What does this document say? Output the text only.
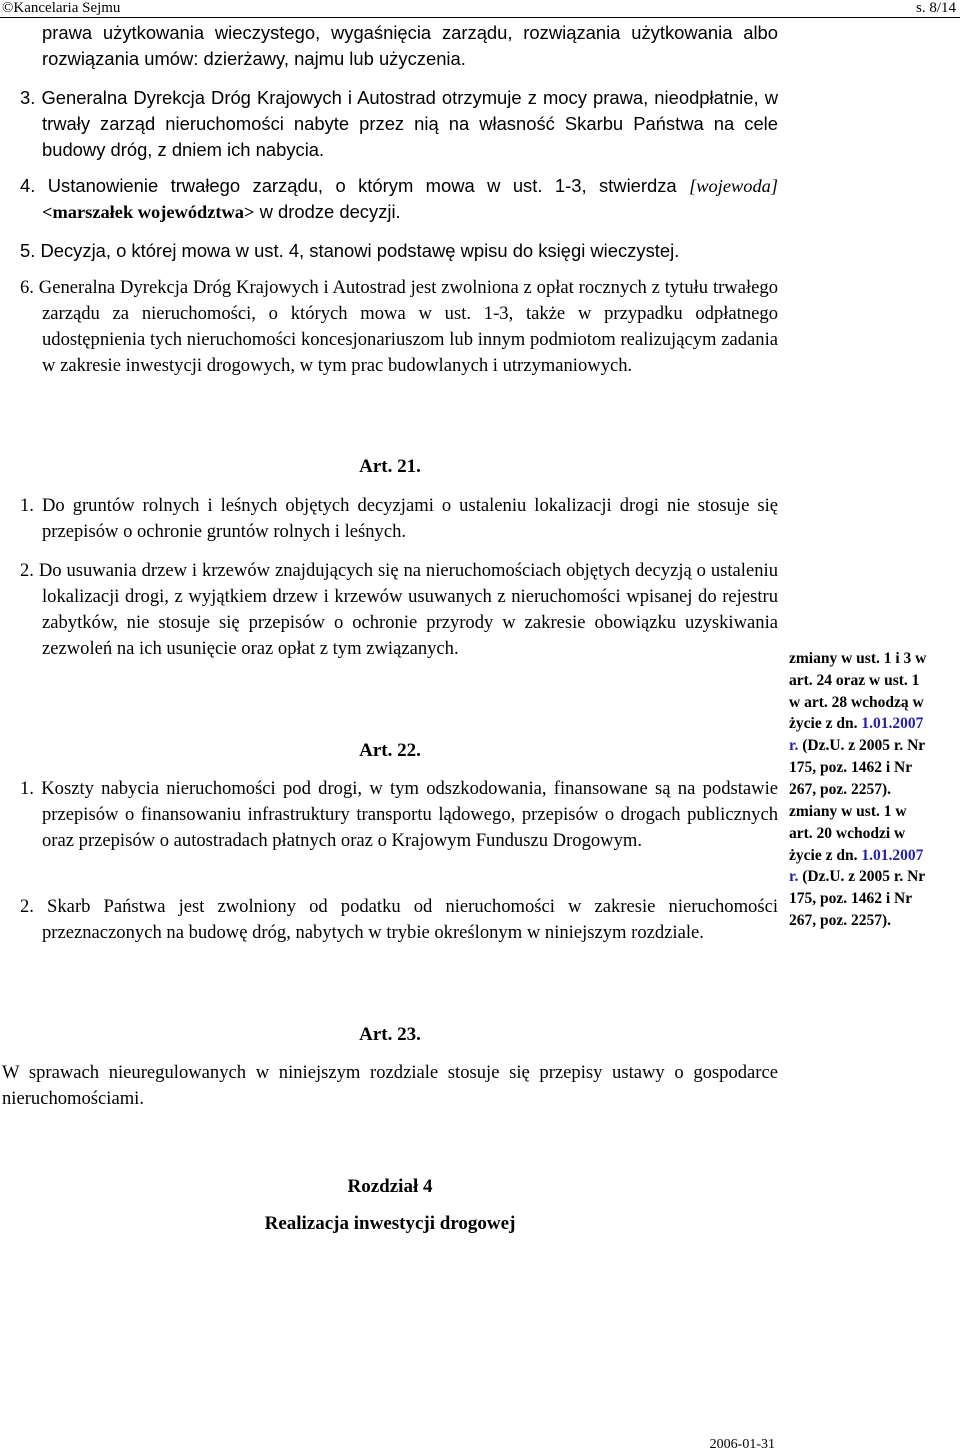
©Kancelaria Sejmu	s. 8/14
prawa użytkowania wieczystego, wygaśnięcia zarządu, rozwiązania użytkowania albo rozwiązania umów: dzierżawy, najmu lub użyczenia.
3. Generalna Dyrekcja Dróg Krajowych i Autostrad otrzymuje z mocy prawa, nieodpłatnie, w trwały zarząd nieruchomości nabyte przez nią na własność Skarbu Państwa na cele budowy dróg, z dniem ich nabycia.
4. Ustanowienie trwałego zarządu, o którym mowa w ust. 1-3, stwierdza [wojewoda] <marszałek województwa> w drodze decyzji.
5. Decyzja, o której mowa w ust. 4, stanowi podstawę wpisu do księgi wieczystej.
6. Generalna Dyrekcja Dróg Krajowych i Autostrad jest zwolniona z opłat rocznych z tytułu trwałego zarządu za nieruchomości, o których mowa w ust. 1-3, także w przypadku odpłatnego udostępnienia tych nieruchomości koncesjonariuszom lub innym podmiotom realizującym zadania w zakresie inwestycji drogowych, w tym prac budowlanych i utrzymaniowych.
Art. 21.
1. Do gruntów rolnych i leśnych objętych decyzjami o ustaleniu lokalizacji drogi nie stosuje się przepisów o ochronie gruntów rolnych i leśnych.
2. Do usuwania drzew i krzewów znajdujących się na nieruchomościach objętych decyzją o ustaleniu lokalizacji drogi, z wyjątkiem drzew i krzewów usuwanych z nieruchomości wpisanej do rejestru zabytków, nie stosuje się przepisów o ochronie przyrody w zakresie obowiązku uzyskiwania zezwoleń na ich usunięcie oraz opłat z tym związanych.
Art. 22.
1. Koszty nabycia nieruchomości pod drogi, w tym odszkodowania, finansowane są na podstawie przepisów o finansowaniu infrastruktury transportu lądowego, przepisów o drogach publicznych oraz przepisów o autostradach płatnych oraz o Krajowym Funduszu Drogowym.
2. Skarb Państwa jest zwolniony od podatku od nieruchomości w zakresie nieruchomości przeznaczonych na budowę dróg, nabytych w trybie określonym w niniejszym rozdziale.
Art. 23.
W sprawach nieuregulowanych w niniejszym rozdziale stosuje się przepisy ustawy o gospodarce nieruchomościami.
Rozdział 4
Realizacja inwestycji drogowej
zmiany w ust. 1 i 3 w
art. 24 oraz w ust. 1
w art. 28 wchodzą w
życie z dn. 1.01.2007
r. (Dz.U. z 2005 r. Nr
175, poz. 1462 i Nr
267, poz. 2257).
zmiany w ust. 1 w
art. 20 wchodzi w
życie z dn. 1.01.2007
r. (Dz.U. z 2005 r. Nr
175, poz. 1462 i Nr
267, poz. 2257).
2006-01-31
